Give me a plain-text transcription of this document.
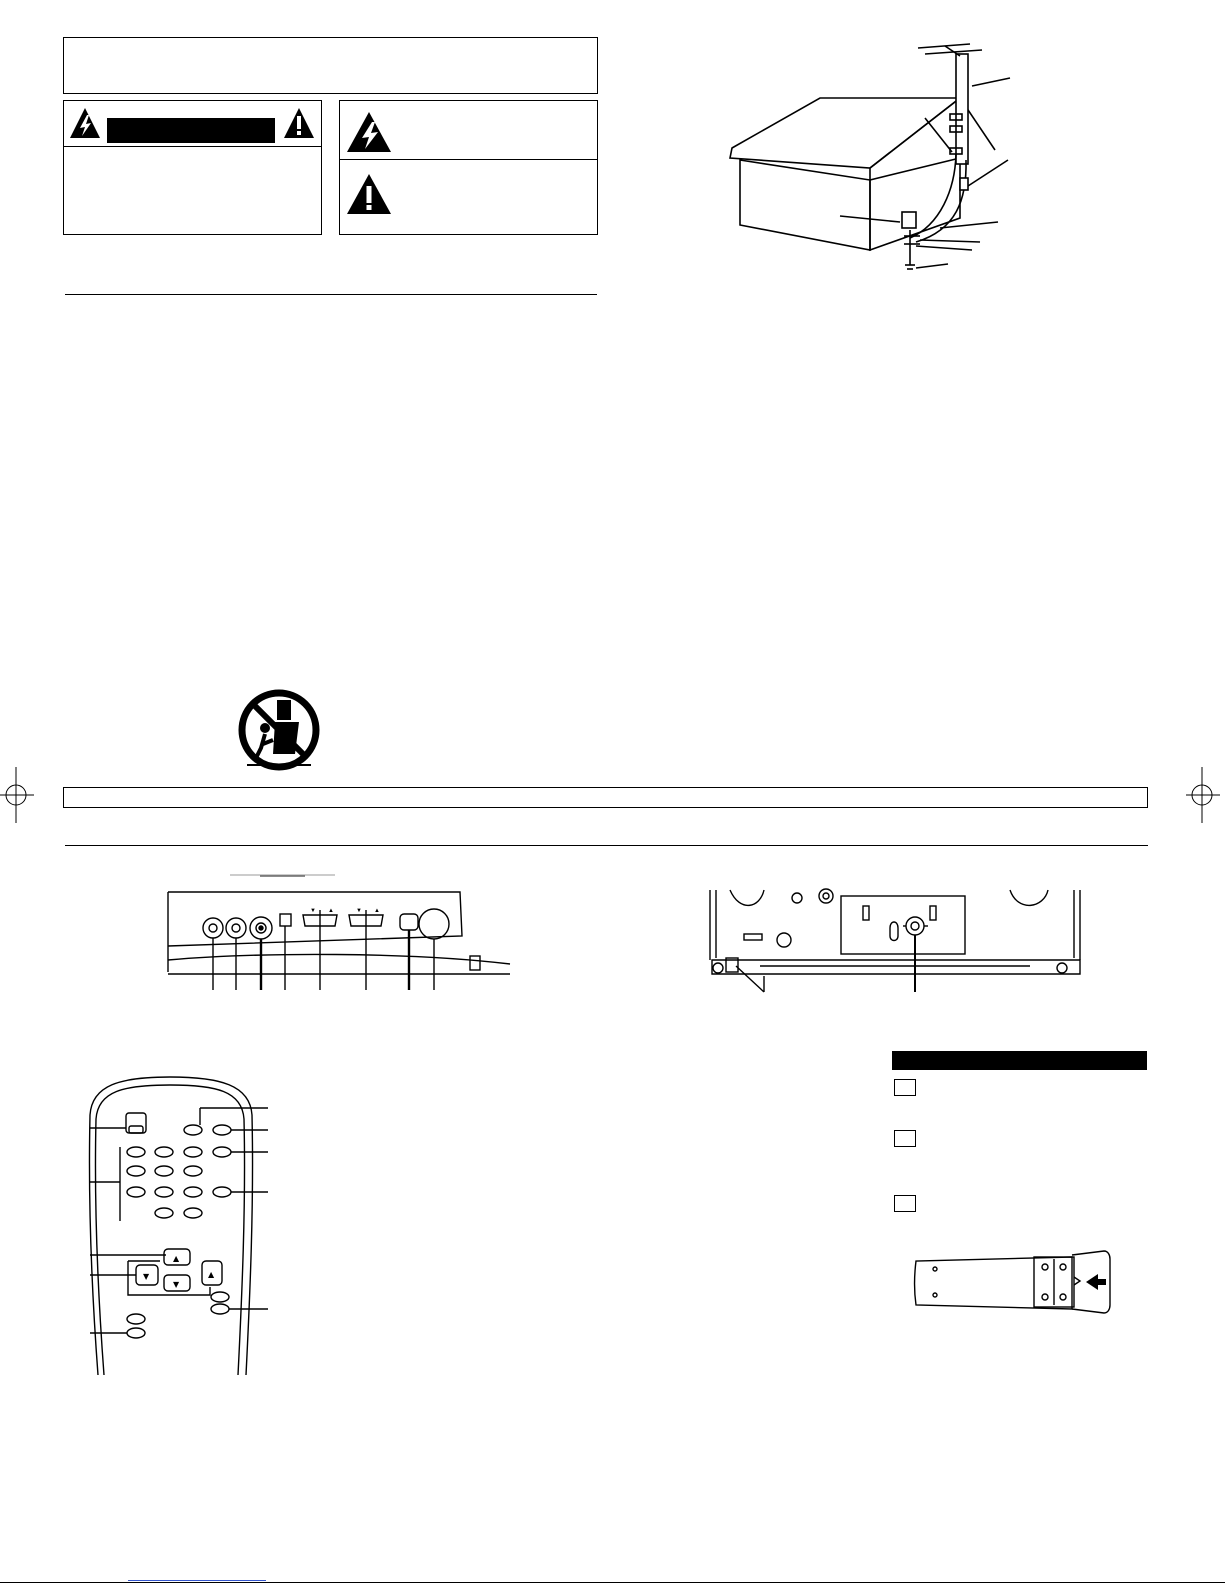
▼ ▲	▼ ▲
▲
▼
▼	▲
